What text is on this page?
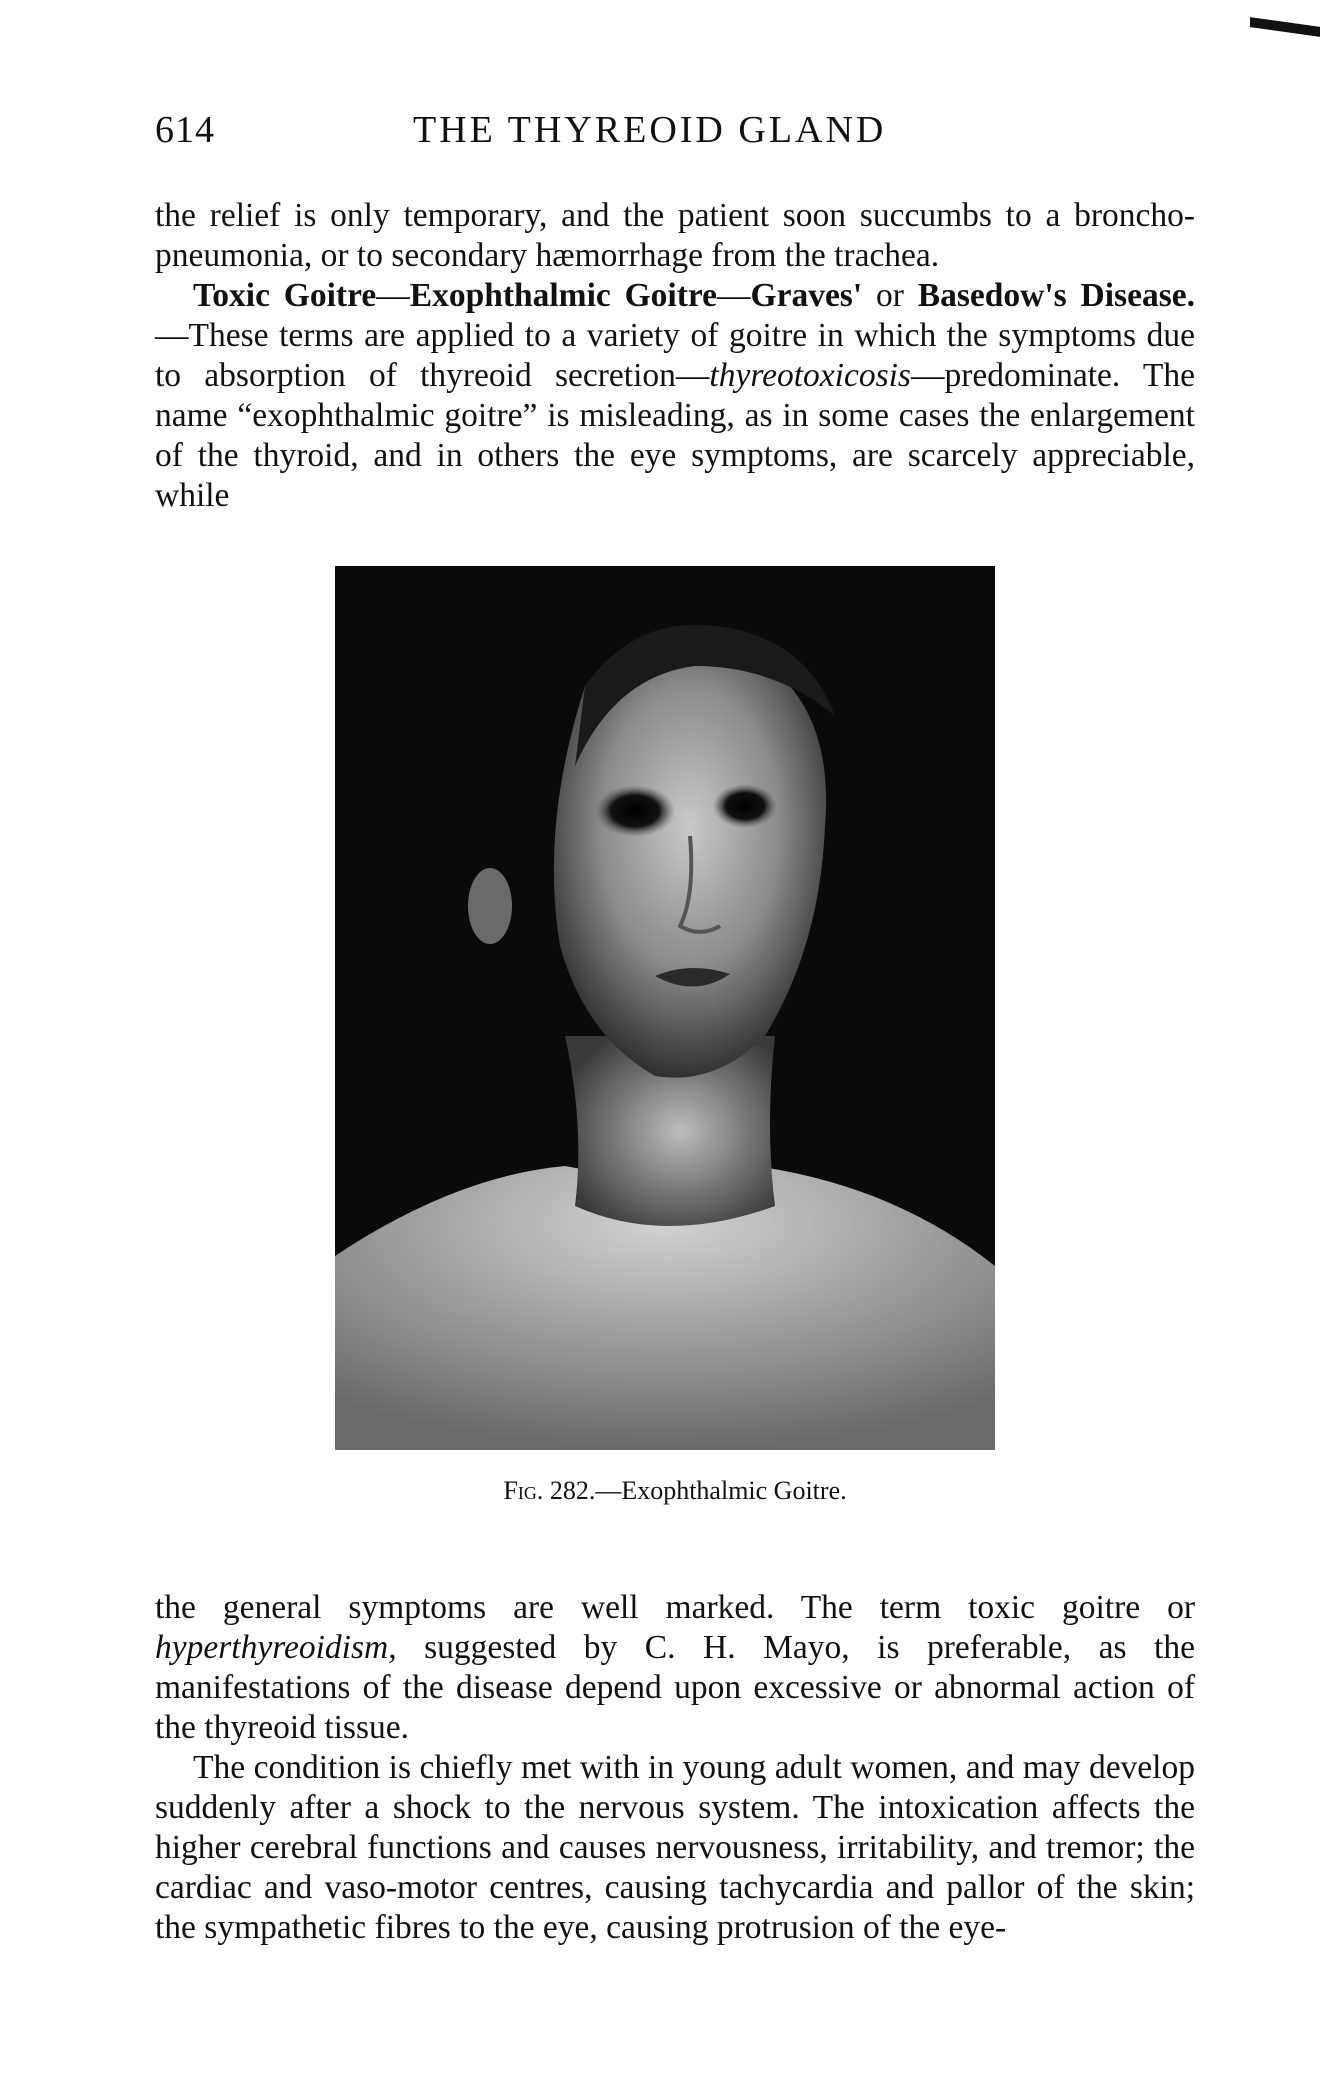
614	THE THYREOID GLAND

the relief is only temporary, and the patient soon succumbs to a broncho-pneumonia, or to secondary hæmorrhage from the trachea.

Toxic Goitre—Exophthalmic Goitre—Graves' or Basedow's Disease.—These terms are applied to a variety of goitre in which the symptoms due to absorption of thyreoid secretion—thyreotoxicosis—predominate. The name “exophthalmic goitre” is misleading, as in some cases the enlargement of the thyroid, and in others the eye symptoms, are scarcely appreciable, while

Fig. 282.—Exophthalmic Goitre.

the general symptoms are well marked. The term toxic goitre or hyperthyreoidism, suggested by C. H. Mayo, is preferable, as the manifestations of the disease depend upon excessive or abnormal action of the thyreoid tissue.

The condition is chiefly met with in young adult women, and may develop suddenly after a shock to the nervous system. The intoxication affects the higher cerebral functions and causes nervousness, irritability, and tremor; the cardiac and vaso-motor centres, causing tachycardia and pallor of the skin; the sympathetic fibres to the eye, causing protrusion of the eye-
